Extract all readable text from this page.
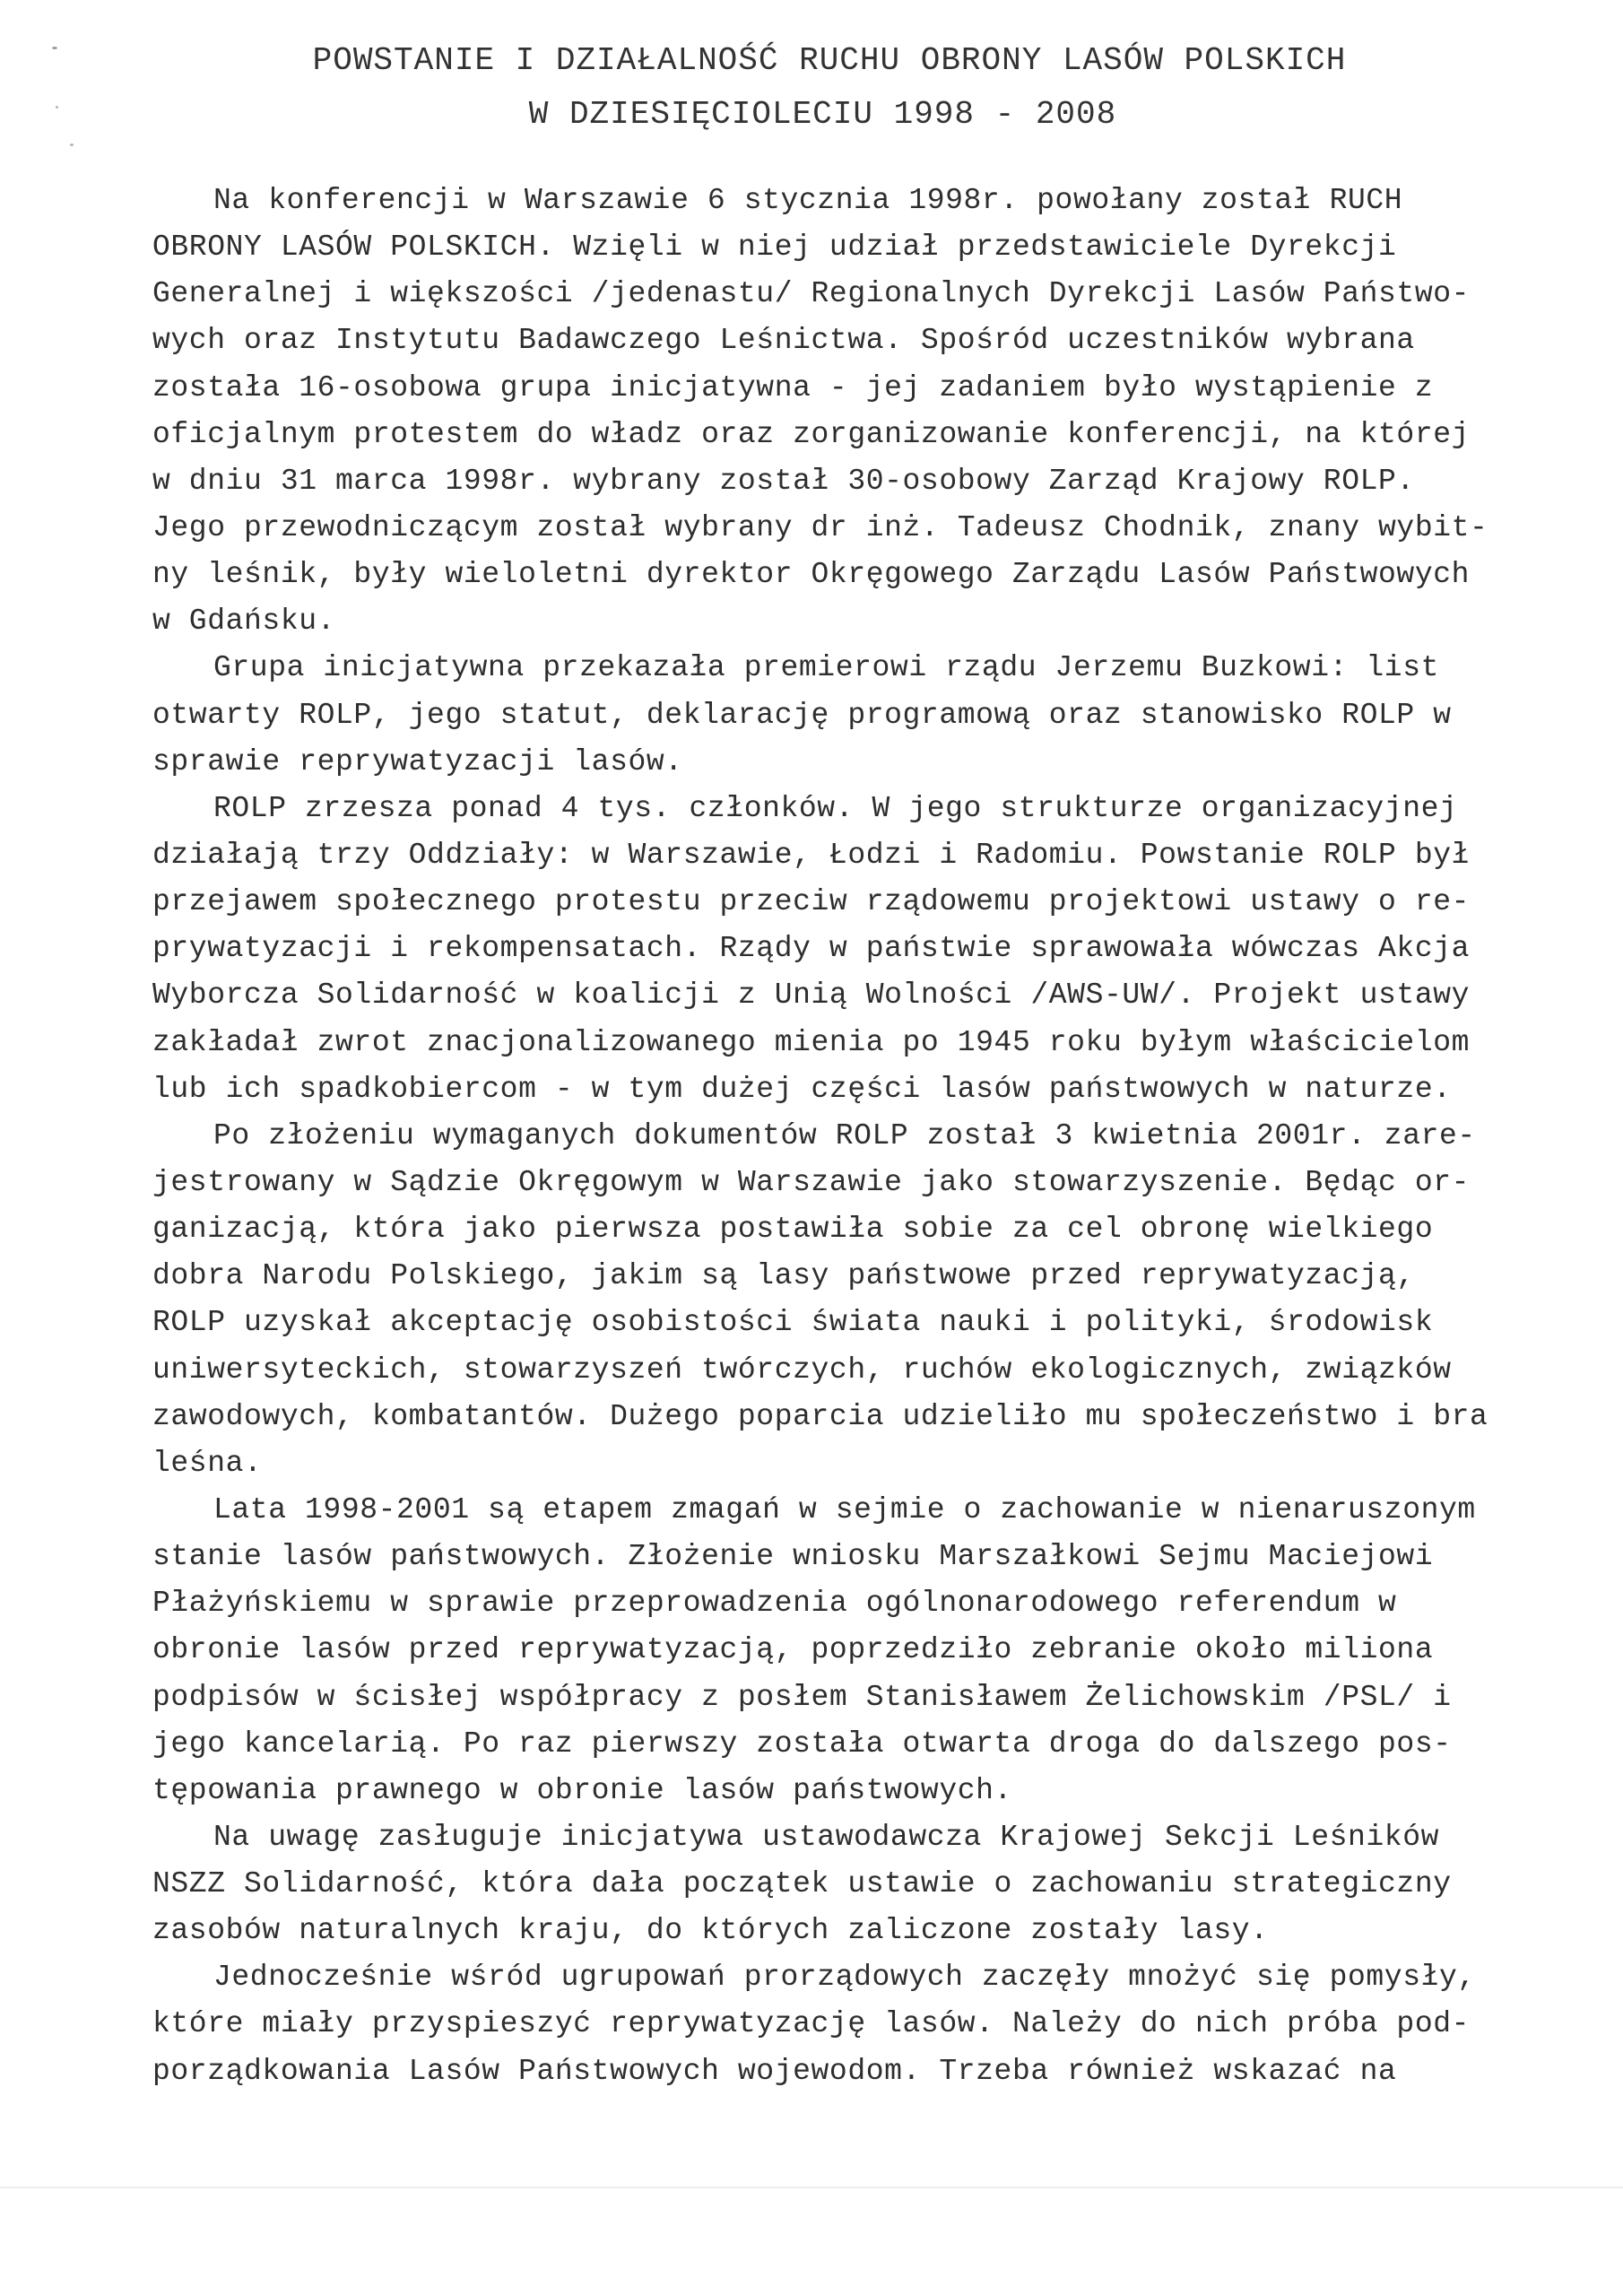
POWSTANIE I DZIAŁALNOŚĆ RUCHU OBRONY LASÓW POLSKICH
W DZIESIĘCIOLECIU 1998 - 2008
Na konferencji w Warszawie 6 stycznia 1998r. powołany został RUCH
OBRONY LASÓW POLSKICH. Wzięli w niej udział przedstawiciele Dyrekcji
Generalnej i większości /jedenastu/ Regionalnych Dyrekcji Lasów Państwo-
wych oraz Instytutu Badawczego Leśnictwa. Spośród uczestników wybrana
została 16-osobowa grupa inicjatywna - jej zadaniem było wystąpienie z
oficjalnym protestem do władz oraz zorganizowanie konferencji, na której
w dniu 31 marca 1998r. wybrany został 30-osobowy Zarząd Krajowy ROLP.
Jego przewodniczącym został wybrany dr inż. Tadeusz Chodnik, znany wybit-
ny leśnik, były wieloletni dyrektor Okręgowego Zarządu Lasów Państwowych
w Gdańsku.
Grupa inicjatywna przekazała premierowi rządu Jerzemu Buzkowi: list
otwarty ROLP, jego statut, deklarację programową oraz stanowisko ROLP w
sprawie reprywatyzacji lasów.
ROLP zrzesza ponad 4 tys. członków. W jego strukturze organizacyjnej
działają trzy Oddziały: w Warszawie, Łodzi i Radomiu. Powstanie ROLP był
przejawem społecznego protestu przeciw rządowemu projektowi ustawy o re-
prywatyzacji i rekompensatach. Rządy w państwie sprawowała wówczas Akcja
Wyborcza Solidarność w koalicji z Unią Wolności /AWS-UW/. Projekt ustawy
zakładał zwrot znacjonalizowanego mienia po 1945 roku byłym właścicielom
lub ich spadkobiercom - w tym dużej części lasów państwowych w naturze.
Po złożeniu wymaganych dokumentów ROLP został 3 kwietnia 2001r. zare-
jestrowany w Sądzie Okręgowym w Warszawie jako stowarzyszenie. Będąc or-
ganizacją, która jako pierwsza postawiła sobie za cel obronę wielkiego
dobra Narodu Polskiego, jakim są lasy państwowe przed reprywatyzacją,
ROLP uzyskał akceptację osobistości świata nauki i polityki, środowisk
uniwersyteckich, stowarzyszeń twórczych, ruchów ekologicznych, związków
zawodowych, kombatantów. Dużego poparcia udzieliło mu społeczeństwo i bra
leśna.
Lata 1998-2001 są etapem zmagań w sejmie o zachowanie w nienaruszonym
stanie lasów państwowych. Złożenie wniosku Marszałkowi Sejmu Maciejowi
Płażyńskiemu w sprawie przeprowadzenia ogólnonarodowego referendum w
obronie lasów przed reprywatyzacją, poprzedziło zebranie około miliona
podpisów w ścisłej współpracy z posłem Stanisławem Żelichowskim /PSL/ i
jego kancelarią. Po raz pierwszy została otwarta droga do dalszego pos-
tępowania prawnego w obronie lasów państwowych.
Na uwagę zasługuje inicjatywa ustawodawcza Krajowej Sekcji Leśników
NSZZ Solidarność, która dała początek ustawie o zachowaniu strategiczny
zasobów naturalnych kraju, do których zaliczone zostały lasy.
Jednocześnie wśród ugrupowań prorządowych zaczęły mnożyć się pomysły,
które miały przyspieszyć reprywatyzację lasów. Należy do nich próba pod-
porządkowania Lasów Państwowych wojewodom. Trzeba również wskazać na
